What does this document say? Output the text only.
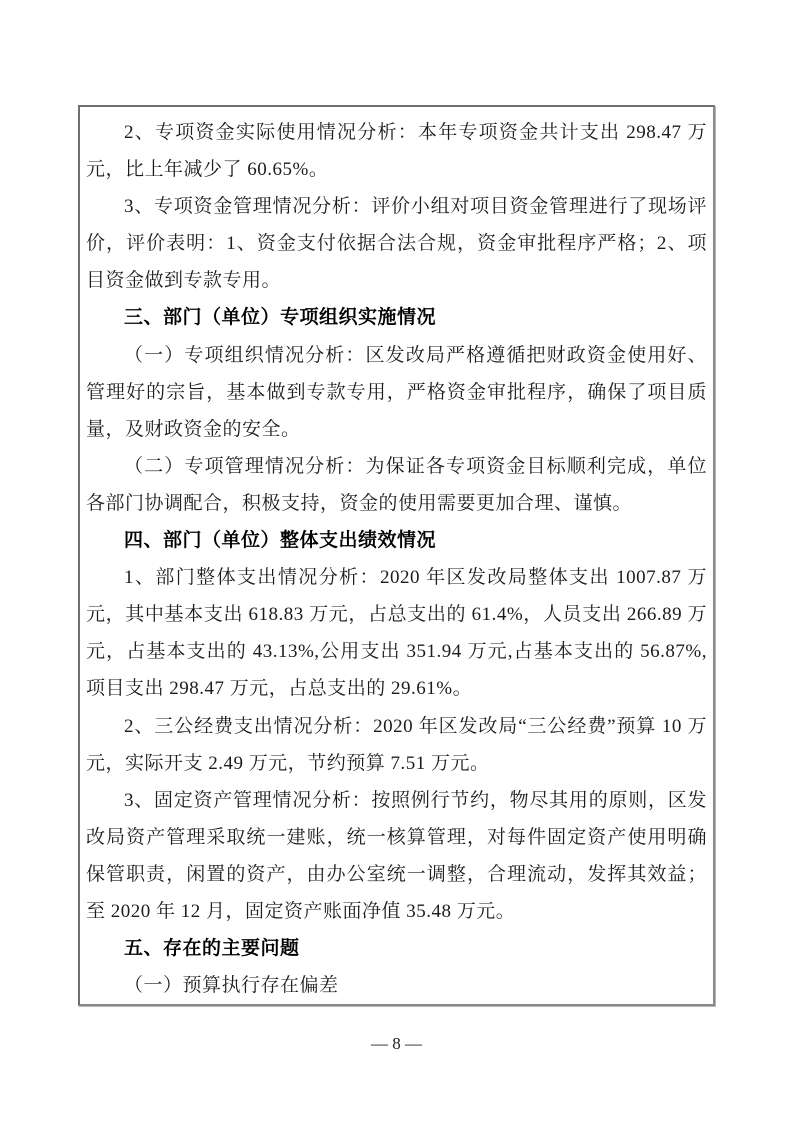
2、专项资金实际使用情况分析：本年专项资金共计支出 298.47 万元，比上年减少了 60.65%。
3、专项资金管理情况分析：评价小组对项目资金管理进行了现场评价，评价表明：1、资金支付依据合法合规，资金审批程序严格；2、项目资金做到专款专用。
三、部门（单位）专项组织实施情况
（一）专项组织情况分析：区发改局严格遵循把财政资金使用好、管理好的宗旨，基本做到专款专用，严格资金审批程序，确保了项目质量，及财政资金的安全。
（二）专项管理情况分析：为保证各专项资金目标顺利完成，单位各部门协调配合，积极支持，资金的使用需要更加合理、谨慎。
四、部门（单位）整体支出绩效情况
1、部门整体支出情况分析：2020 年区发改局整体支出 1007.87 万元，其中基本支出 618.83 万元，占总支出的 61.4%，人员支出 266.89 万元，占基本支出的 43.13%,公用支出 351.94 万元,占基本支出的 56.87%,项目支出 298.47 万元，占总支出的 29.61%。
2、三公经费支出情况分析：2020 年区发改局“三公经费”预算 10 万元，实际开支 2.49 万元，节约预算 7.51 万元。
3、固定资产管理情况分析：按照例行节约，物尽其用的原则，区发改局资产管理采取统一建账，统一核算管理，对每件固定资产使用明确保管职责，闲置的资产，由办公室统一调整，合理流动，发挥其效益；至 2020 年 12 月，固定资产账面净值 35.48 万元。
五、存在的主要问题
（一）预算执行存在偏差
— 8 —
